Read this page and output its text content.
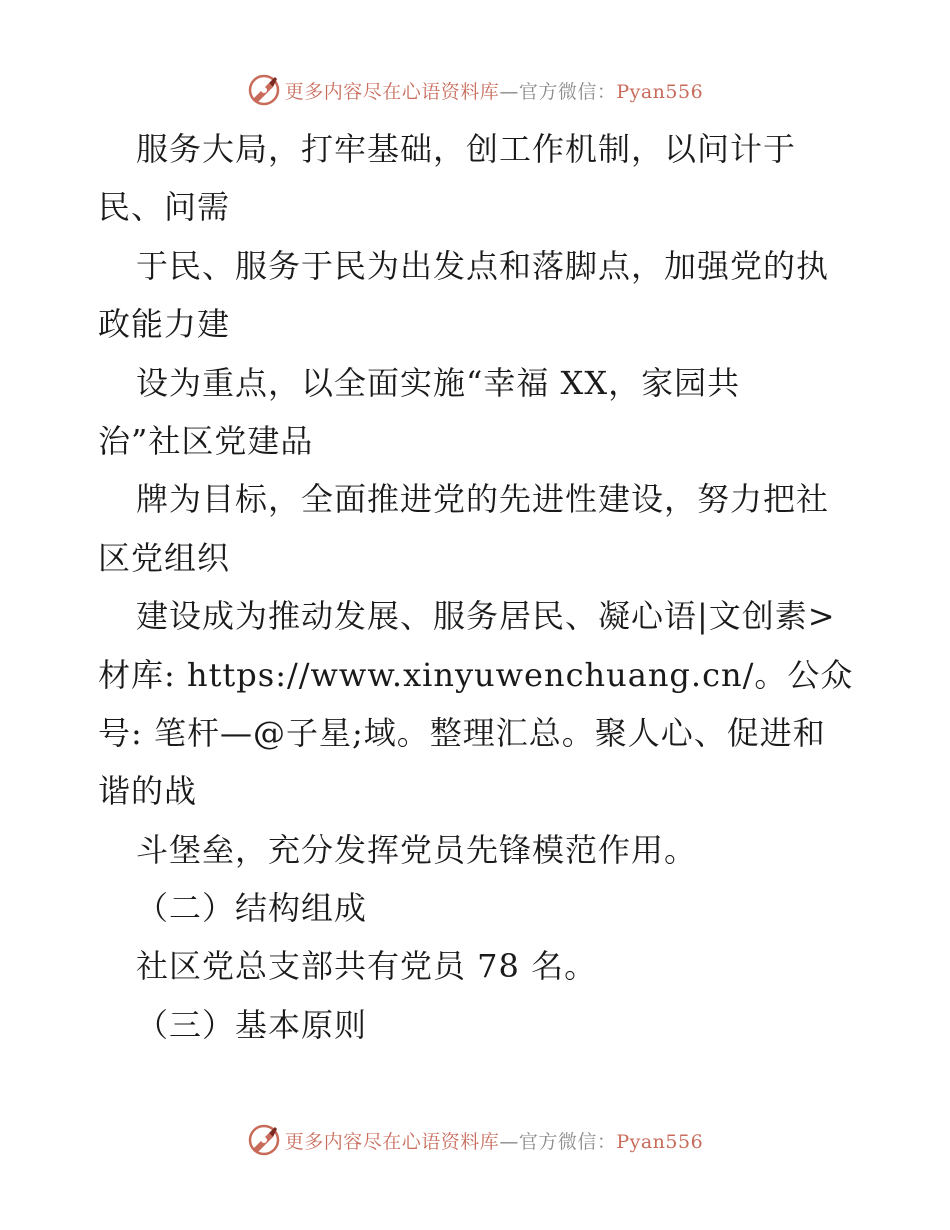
更多内容尽在心语资料库—官方微信：Pyan556
服务大局，打牢基础，创工作机制，以问计于
民、问需
于民、服务于民为出发点和落脚点，加强党的执
政能力建
设为重点，以全面实施“幸福 XX，家园共
治”社区党建品
牌为目标，全面推进党的先进性建设，努力把社
区党组织
建设成为推动发展、服务居民、凝心语|文创素>
材库: https://www.xinyuwenchuang.cn/。公众
号: 笔杆—@子星;域。整理汇总。聚人心、促进和
谐的战
斗堡垒，充分发挥党员先锋模范作用。
（二）结构组成
社区党总支部共有党员 78 名。
（三）基本原则
更多内容尽在心语资料库—官方微信：Pyan556
